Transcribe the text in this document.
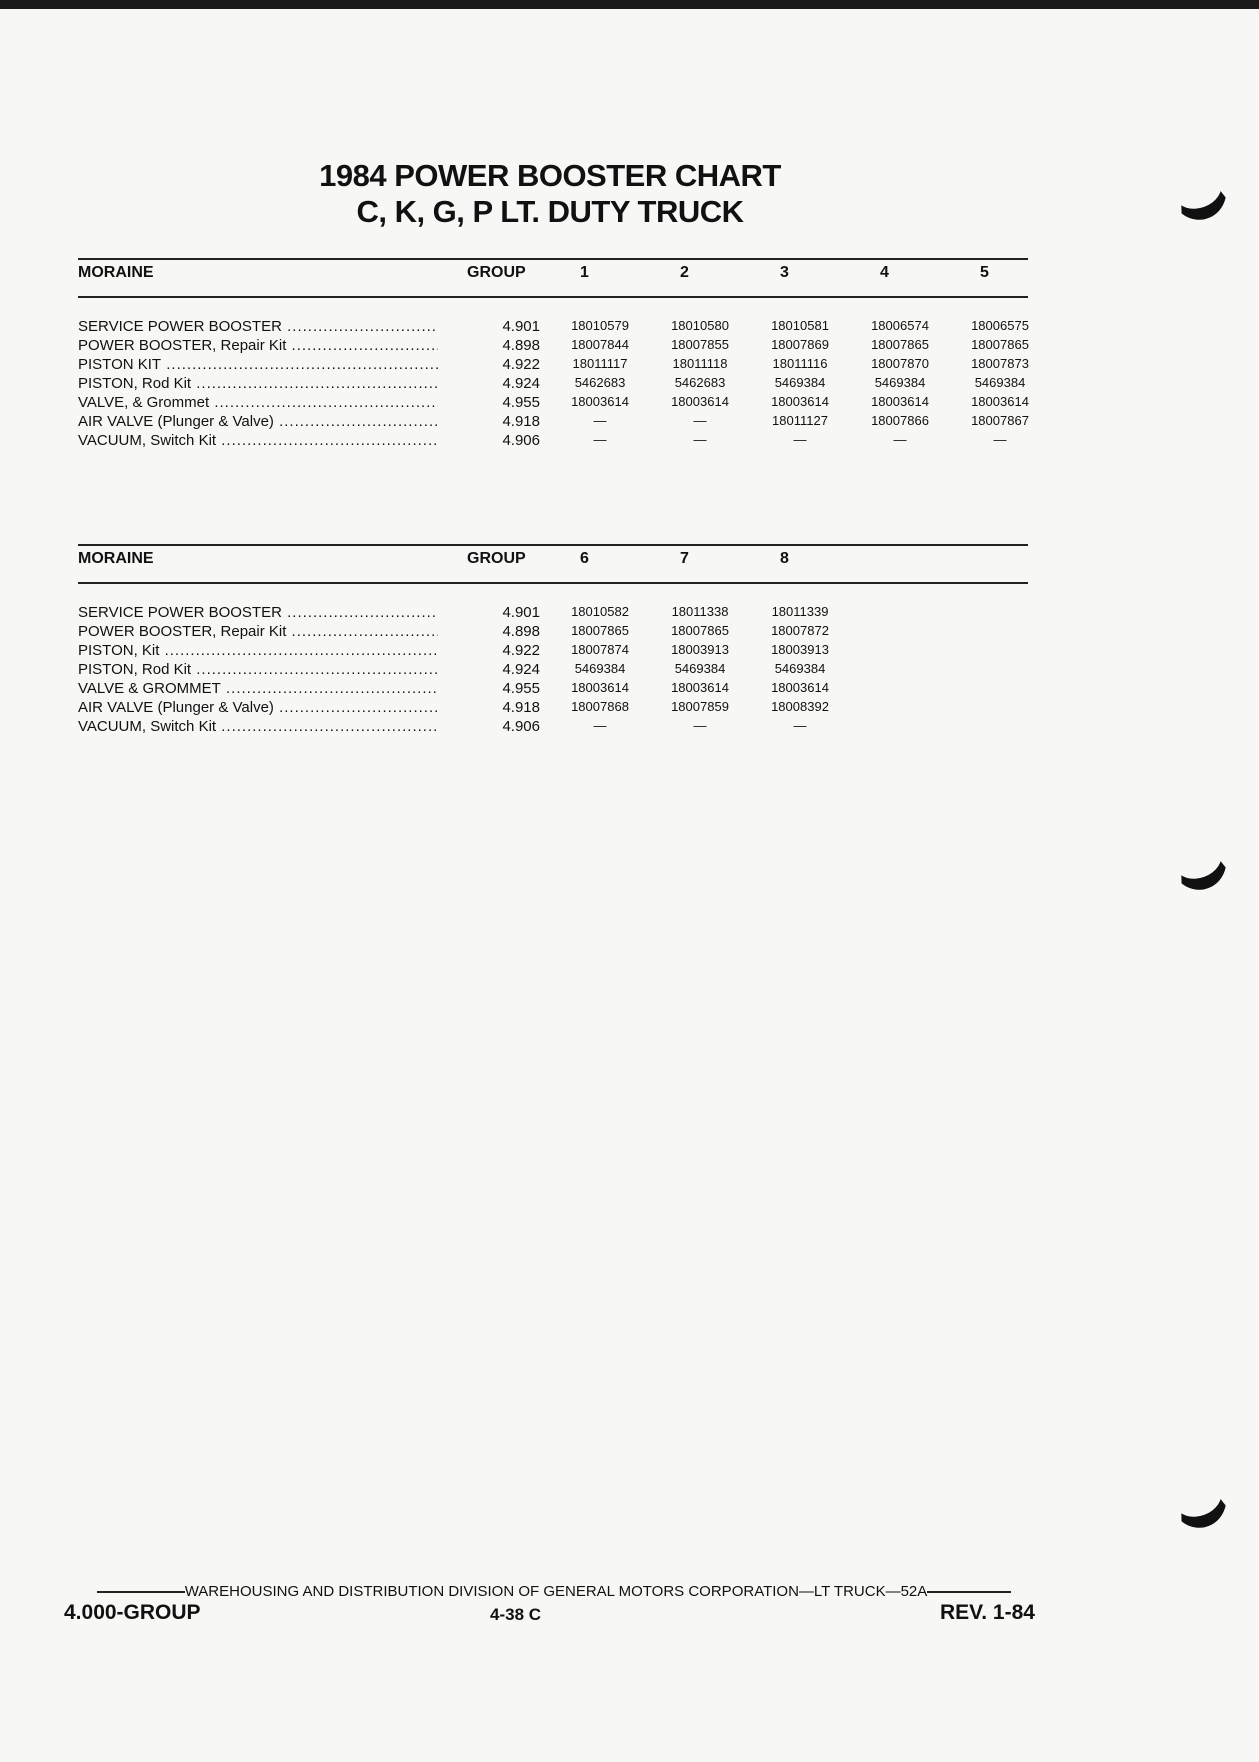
1984 POWER BOOSTER CHART
C, K, G, P LT. DUTY TRUCK
MORAINE	GROUP	1	2	3	4	5
SERVICE POWER BOOSTER .....	4.901	18010579	18010580	18010581	18006574	18006575
POWER BOOSTER, Repair Kit .....	4.898	18007844	18007855	18007869	18007865	18007865
PISTON KIT .....	4.922	18011117	18011118	18011116	18007870	18007873
PISTON, Rod Kit .....	4.924	5462683	5462683	5469384	5469384	5469384
VALVE, & Grommet .....	4.955	18003614	18003614	18003614	18003614	18003614
AIR VALVE (Plunger & Valve) .....	4.918	—	—	18011127	18007866	18007867
VACUUM, Switch Kit .....	4.906	—	—	—	—	—
MORAINE	GROUP	6	7	8
SERVICE POWER BOOSTER .....	4.901	18010582	18011338	18011339
POWER BOOSTER, Repair Kit .....	4.898	18007865	18007865	18007872
PISTON, Kit .....	4.922	18007874	18003913	18003913
PISTON, Rod Kit .....	4.924	5469384	5469384	5469384
VALVE & GROMMET .....	4.955	18003614	18003614	18003614
AIR VALVE (Plunger & Valve) .....	4.918	18007868	18007859	18008392
VACUUM, Switch Kit .....	4.906	—	—	—
WAREHOUSING AND DISTRIBUTION DIVISION OF GENERAL MOTORS CORPORATION—LT TRUCK—52A
4.000-GROUP	4-38 C	REV. 1-84
